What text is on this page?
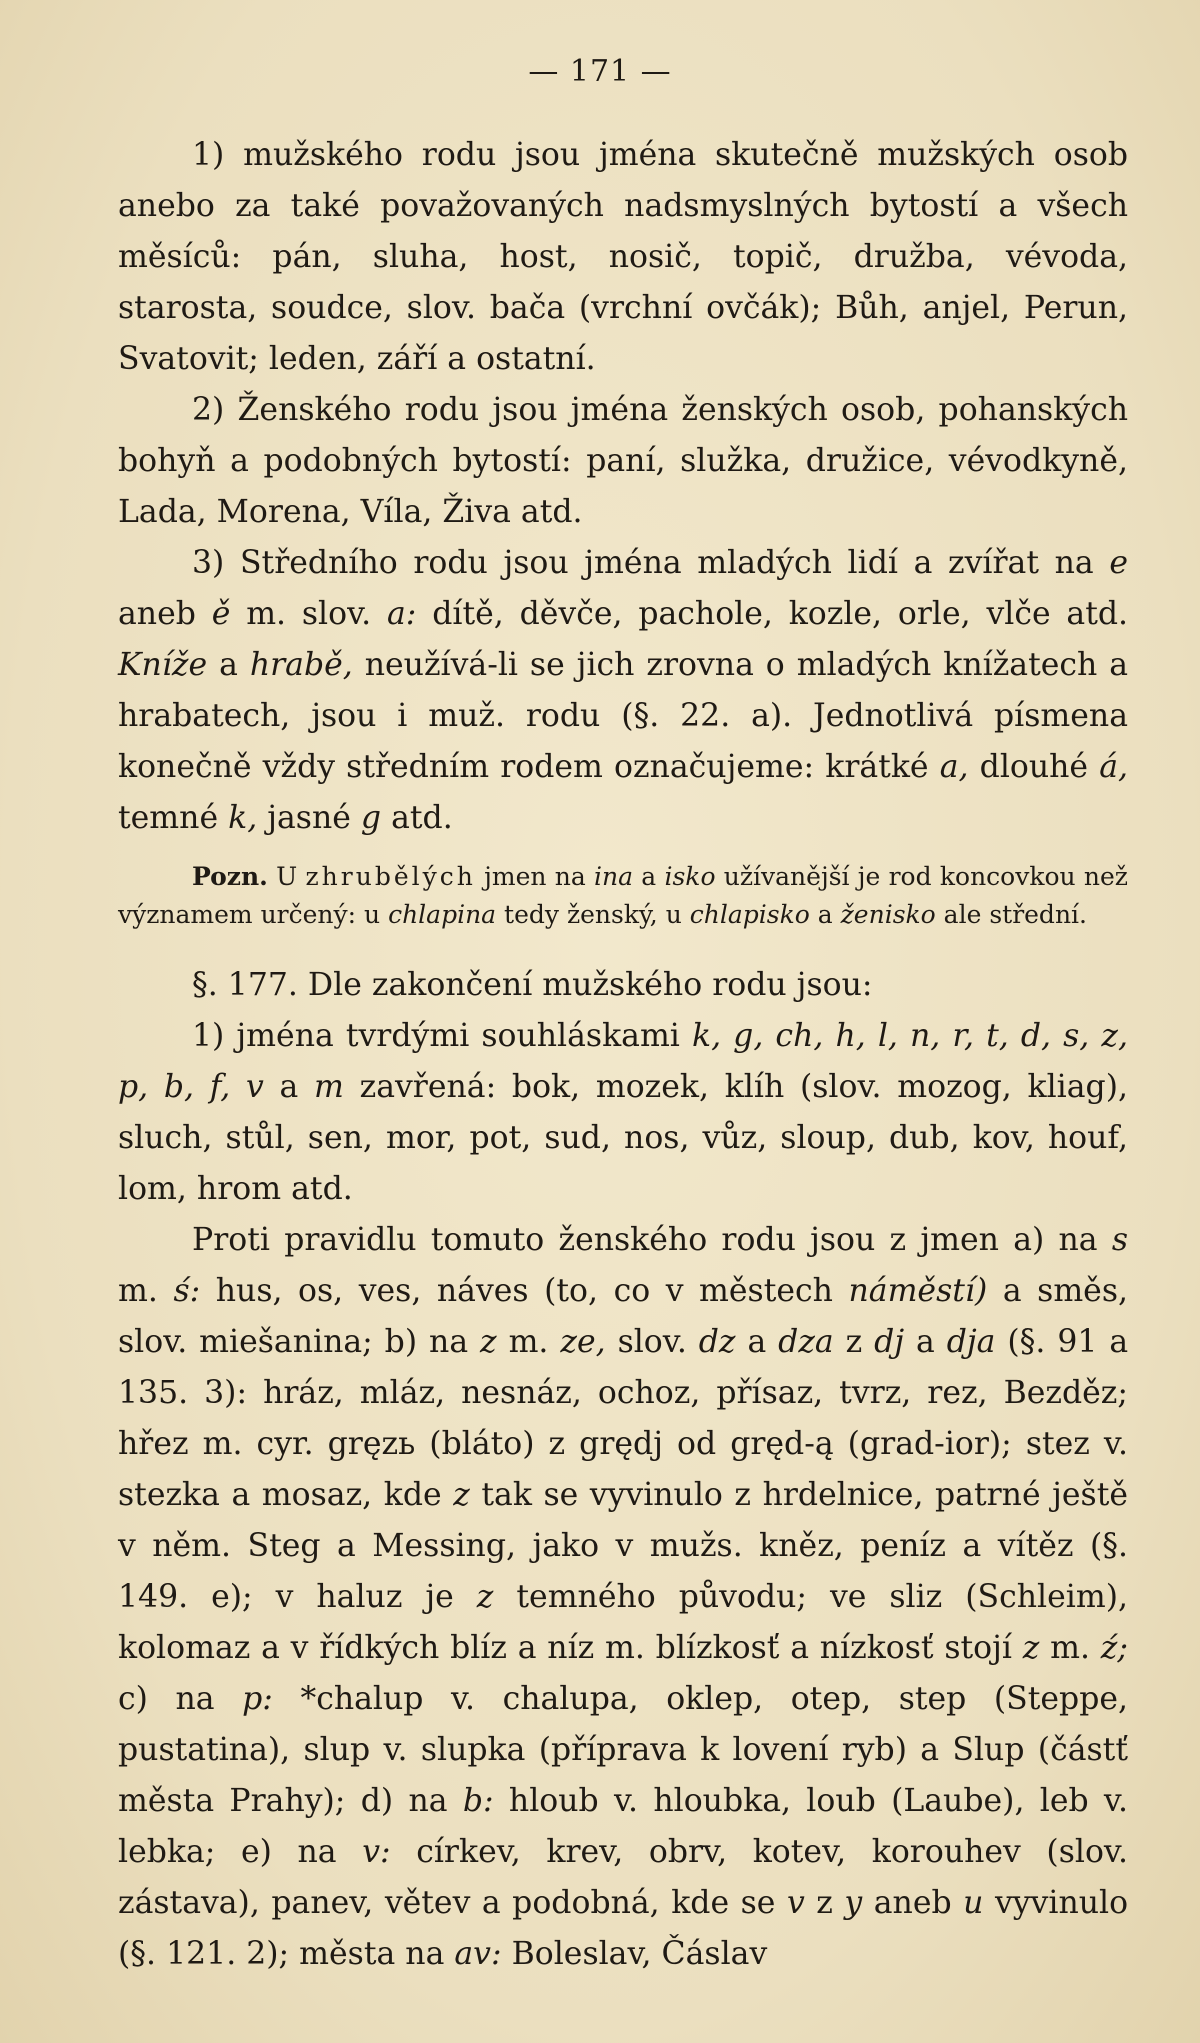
— 171 —

1) mužského rodu jsou jména skutečně mužských osob anebo za také považovaných nadsmyslných bytostí a všech měsíců: pán, sluha, host, nosič, topič, družba, vévoda, starosta, soudce, slov. bača (vrchní ovčák); Bůh, anjel, Perun, Svatovit; leden, září a ostatní.

2) Ženského rodu jsou jména ženských osob, pohanských bohyň a podobných bytostí: paní, služka, družice, vévodkyně, Lada, Morena, Víla, Živa atd.

3) Středního rodu jsou jména mladých lidí a zvířat na e aneb ě m. slov. a: dítě, děvče, pachole, kozle, orle, vlče atd. Kníže a hrabě, neužívá-li se jich zrovna o mladých knížatech a hrabatech, jsou i muž. rodu (§. 22. a). Jednotlivá písmena konečně vždy středním rodem označujeme: krátké a, dlouhé á, temné k, jasné g atd.

Pozn. U zhrubělých jmen na ina a isko užívanější je rod koncovkou než významem určený: u chlapina tedy ženský, u chlapisko a ženisko ale střední.

§. 177. Dle zakončení mužského rodu jsou:

1) jména tvrdými souhláskami k, g, ch, h, l, n, r, t, d, s, z, p, b, f, v a m zavřená: bok, mozek, klíh (slov. mozog, kliag), sluch, stůl, sen, mor, pot, sud, nos, vůz, sloup, dub, kov, houf, lom, hrom atd.

Proti pravidlu tomuto ženského rodu jsou z jmen a) na s m. ś: hus, os, ves, náves (to, co v městech náměstí) a směs, slov. miešanina; b) na z m. ze, slov. dz a dza z dj a dja (§. 91 a 135. 3): hráz, mláz, nesnáz, ochoz, přísaz, tvrz, rez, Bezděz; hřez m. cyr. gręzь (bláto) z grędj od gręd-ą (grad-ior); stez v. stezka a mosaz, kde z tak se vyvinulo z hrdelnice, patrné ještě v něm. Steg a Messing, jako v mužs. kněz, peníz a vítěz (§. 149. e); v haluz je z temného původu; ve sliz (Schleim), kolomaz a v řídkých blíz a níz m. blízkosť a nízkosť stojí z m. ź; c) na p: *chalup v. chalupa, oklep, otep, step (Steppe, pustatina), slup v. slupka (příprava k lovení ryb) a Slup (částť města Prahy); d) na b: hloub v. hloubka, loub (Laube), leb v. lebka; e) na v: církev, krev, obrv, kotev, korouhev (slov. zástava), panev, větev a podobná, kde se v z y aneb u vyvinulo (§. 121. 2); města na av: Boleslav, Čáslav
